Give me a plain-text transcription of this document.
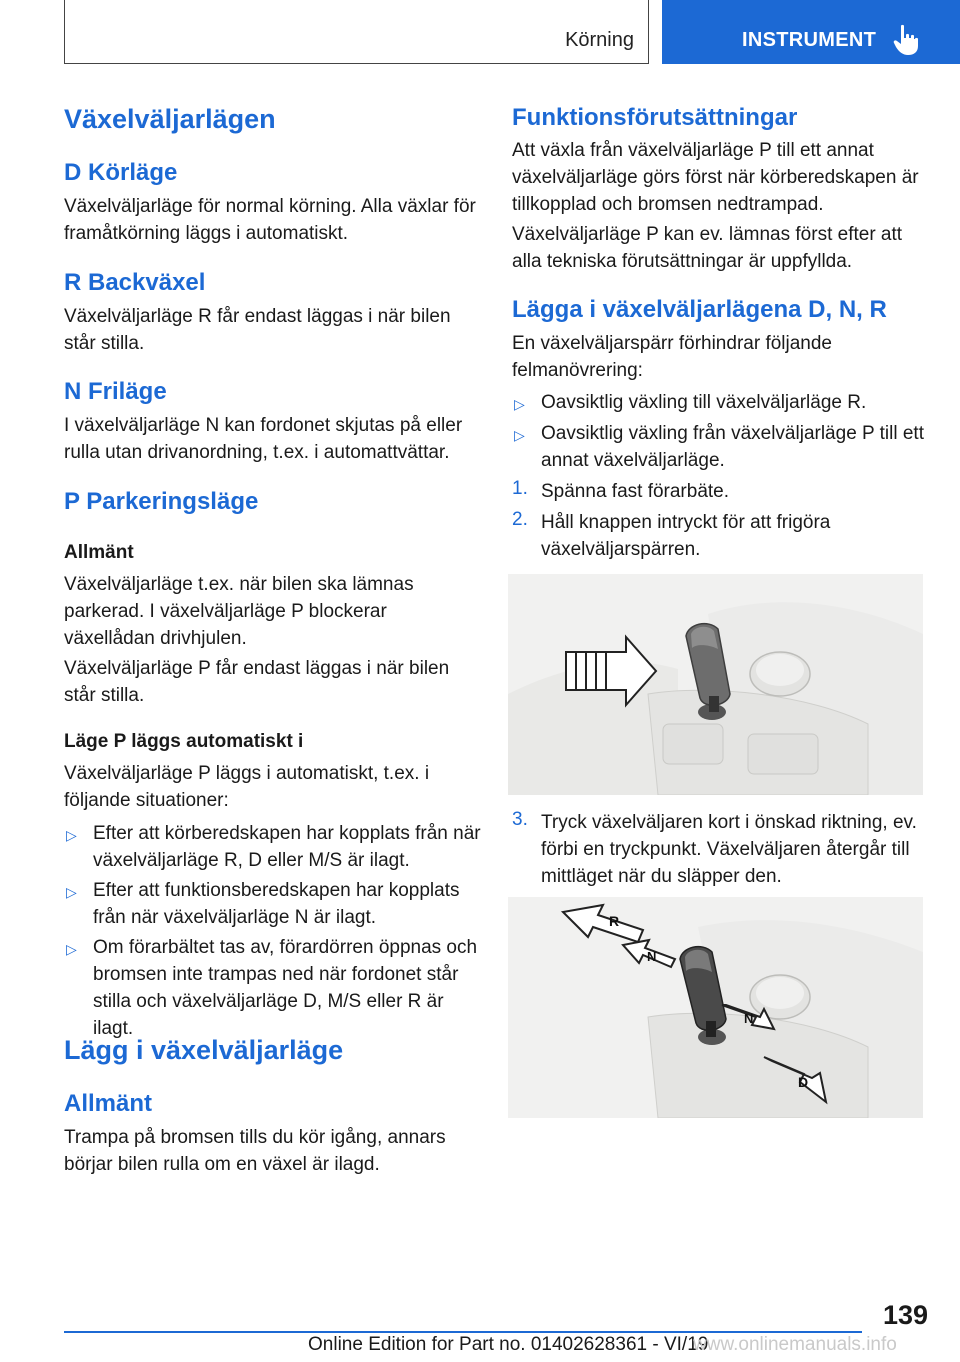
Körning	INSTRUMENT
Växelväljarlägen
D Körläge
Växelväljarläge för normal körning. Alla växlar för framåtkörning läggs i automatiskt.
R Backväxel
Växelväljarläge R får endast läggas i när bilen står stilla.
N Friläge
I växelväljarläge N kan fordonet skjutas på eller rulla utan drivanordning, t.ex. i automattvättar.
P Parkeringsläge
Allmänt
Växelväljarläge t.ex. när bilen ska lämnas parkerad. I växelväljarläge P blockerar växellådan drivhjulen.
Växelväljarläge P får endast läggas i när bilen står stilla.
Läge P läggs automatiskt i
Växelväljarläge P läggs i automatiskt, t.ex. i följande situationer:
▷ Efter att körberedskapen har kopplats från när växelväljarläge R, D eller M/S är ilagt.
▷ Efter att funktionsberedskapen har kopplats från när växelväljarläge N är ilagt.
▷ Om förarbältet tas av, förardörren öppnas och bromsen inte trampas ned när fordonet står stilla och växelväljarläge D, M/S eller R är ilagt.
Lägg i växelväljarläge
Allmänt
Trampa på bromsen tills du kör igång, annars börjar bilen rulla om en växel är ilagd.
Funktionsförutsättningar
Att växla från växelväljarläge P till ett annat växelväljarläge görs först när körberedskapen är tillkopplad och bromsen nedtrampad.
Växelväljarläge P kan ev. lämnas först efter att alla tekniska förutsättningar är uppfyllda.
Lägga i växelväljarlägena D, N, R
En växelväljarspärr förhindrar följande felmanövrering:
▷ Oavsiktlig växling till växelväljarläge R.
▷ Oavsiktlig växling från växelväljarläge P till ett annat växelväljarläge.
1. Spänna fast förarbäte.
2. Håll knappen intryckt för att frigöra växelväljarspärren.
3. Tryck växelväljaren kort i önskad riktning, ev. förbi en tryckpunkt. Växelväljaren återgår till mittläget när du släpper den.
R
N
N
D
139
Online Edition for Part no. 01402628361 - VI/19
www.onlinemanuals.info
